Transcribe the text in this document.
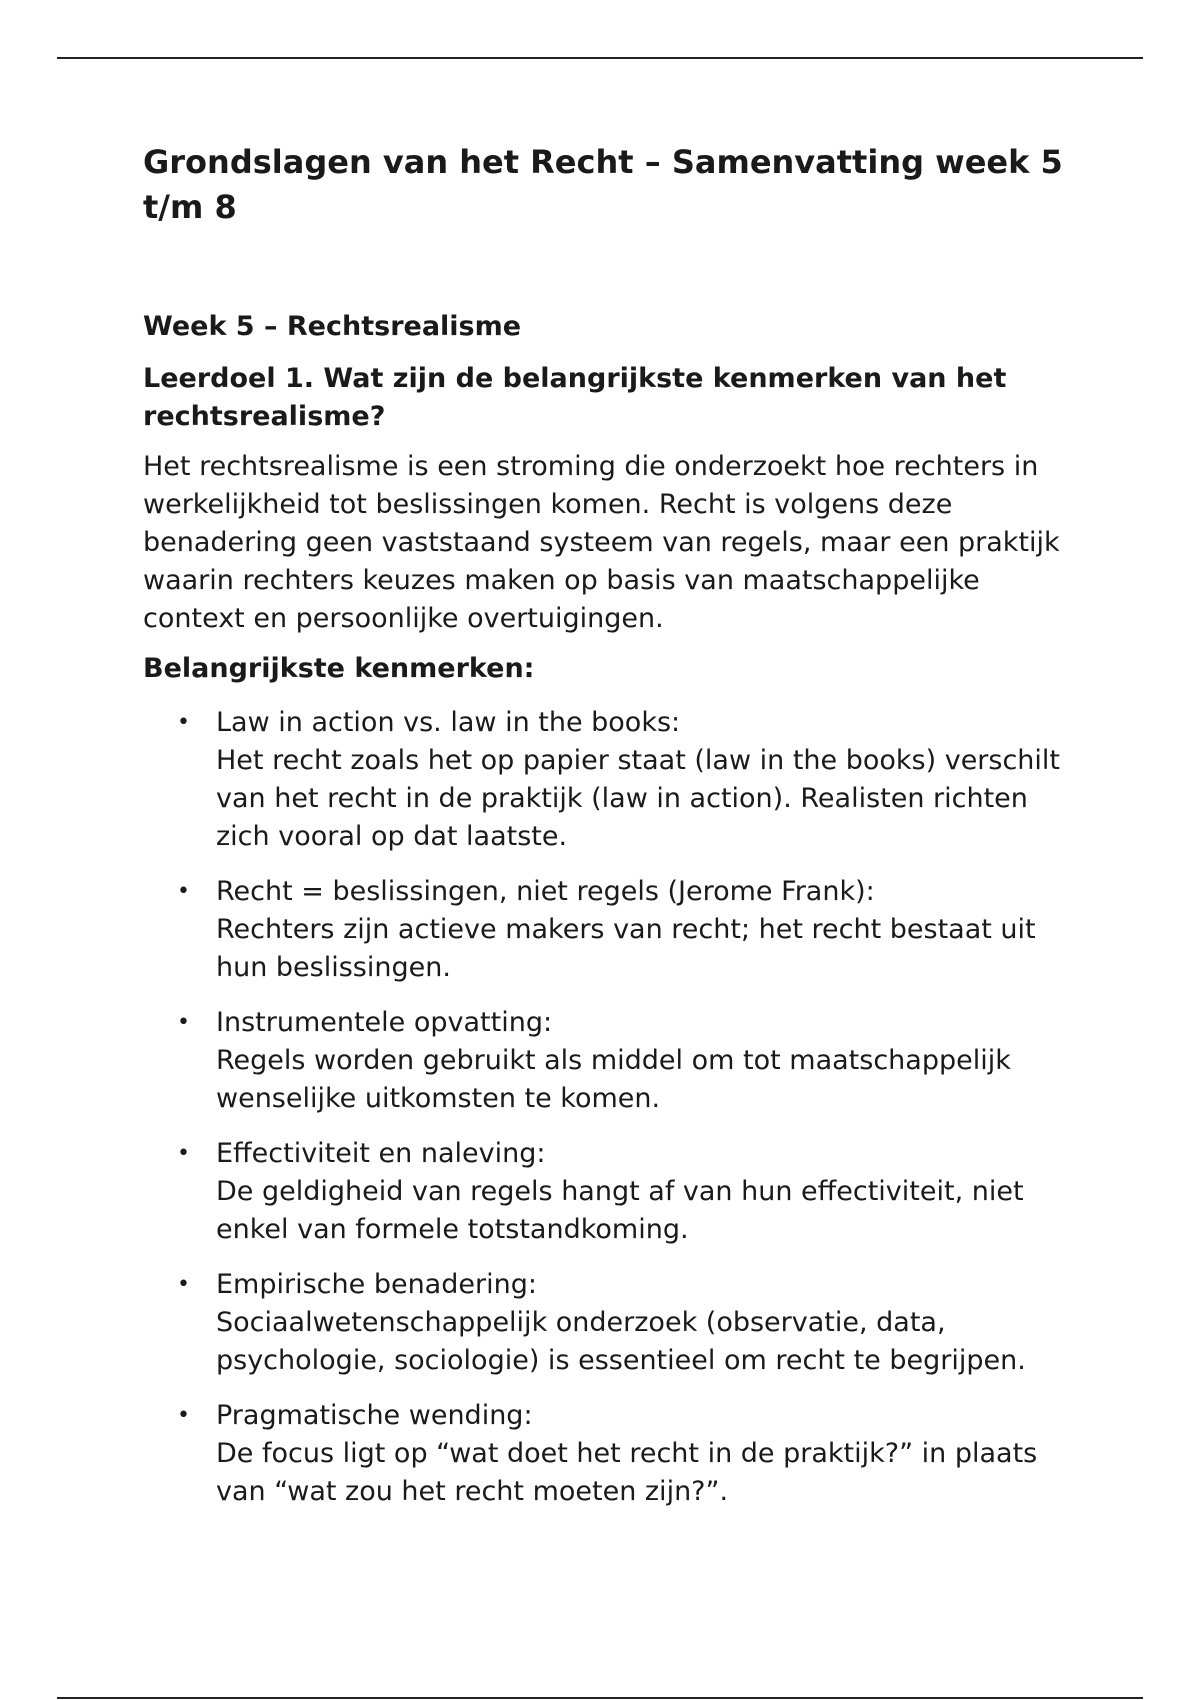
Grondslagen van het Recht – Samenvatting week 5 t/m 8
Week 5 – Rechtsrealisme
Leerdoel 1. Wat zijn de belangrijkste kenmerken van het rechtsrealisme?

Het rechtsrealisme is een stroming die onderzoekt hoe rechters in werkelijkheid tot beslissingen komen. Recht is volgens deze benadering geen vaststaand systeem van regels, maar een praktijk waarin rechters keuzes maken op basis van maatschappelijke context en persoonlijke overtuigingen.

Belangrijkste kenmerken:

• Law in action vs. law in the books:
Het recht zoals het op papier staat (law in the books) verschilt van het recht in de praktijk (law in action). Realisten richten zich vooral op dat laatste.
• Recht = beslissingen, niet regels (Jerome Frank):
Rechters zijn actieve makers van recht; het recht bestaat uit hun beslissingen.
• Instrumentele opvatting:
Regels worden gebruikt als middel om tot maatschappelijk wenselijke uitkomsten te komen.
• Effectiviteit en naleving:
De geldigheid van regels hangt af van hun effectiviteit, niet enkel van formele totstandkoming.
• Empirische benadering:
Sociaalwetenschappelijk onderzoek (observatie, data, psychologie, sociologie) is essentieel om recht te begrijpen.
• Pragmatische wending:
De focus ligt op “wat doet het recht in de praktijk?” in plaats van “wat zou het recht moeten zijn?”.
